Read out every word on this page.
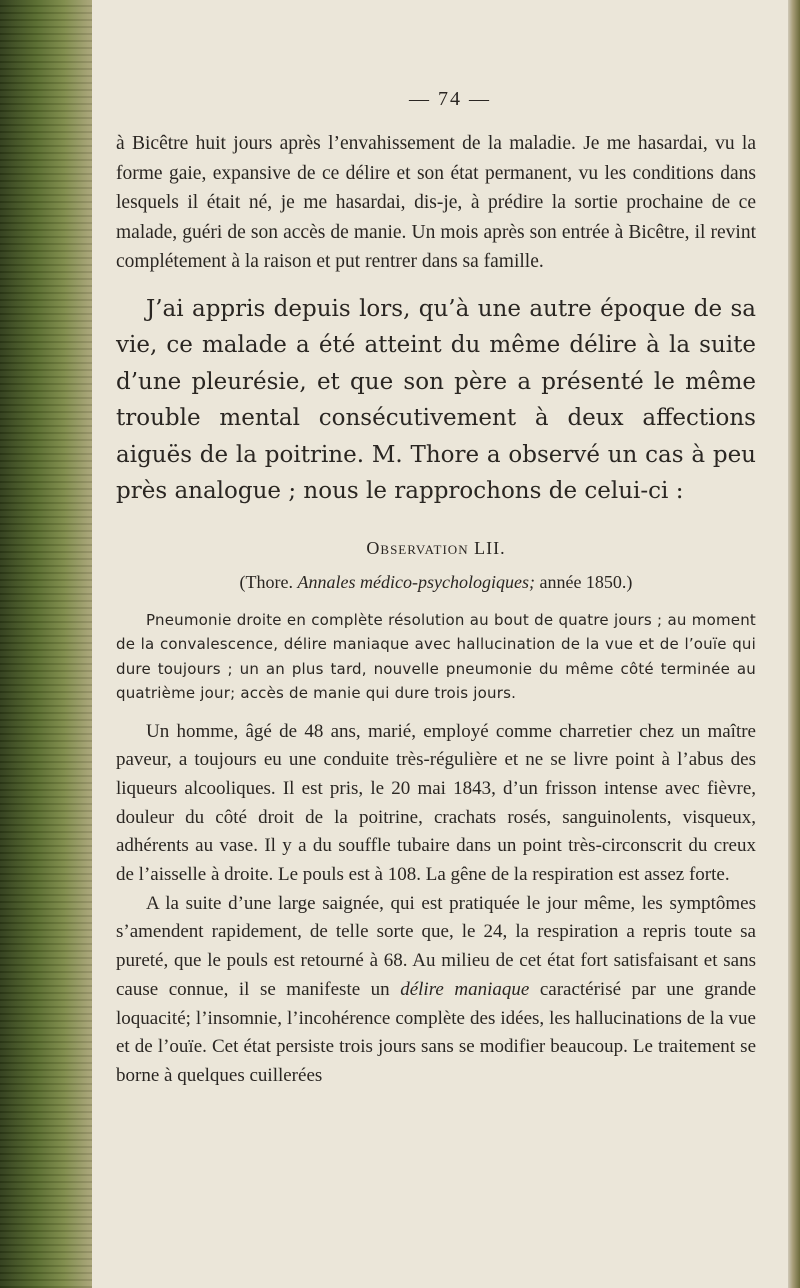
— 74 —

à Bicêtre huit jours après l’envahissement de la maladie. Je me hasardai, vu la forme gaie, expansive de ce délire et son état permanent, vu les conditions dans lesquels il était né, je me hasardai, dis-je, à prédire la sortie prochaine de ce malade, guéri de son accès de manie. Un mois après son entrée à Bicêtre, il revint complétement à la raison et put rentrer dans sa famille.

J’ai appris depuis lors, qu’à une autre époque de sa vie, ce malade a été atteint du même délire à la suite d’une pleurésie, et que son père a présenté le même trouble mental consécutivement à deux affections aiguës de la poitrine. M. Thore a observé un cas à peu près analogue ; nous le rapprochons de celui-ci :

Observation LII.
(Thore. Annales médico-psychologiques; année 1850.)

Pneumonie droite en complète résolution au bout de quatre jours ; au moment de la convalescence, délire maniaque avec hallucination de la vue et de l’ouïe qui dure toujours ; un an plus tard, nouvelle pneumonie du même côté terminée au quatrième jour; accès de manie qui dure trois jours.

Un homme, âgé de 48 ans, marié, employé comme charretier chez un maître paveur, a toujours eu une conduite très-régulière et ne se livre point à l’abus des liqueurs alcooliques. Il est pris, le 20 mai 1843, d’un frisson intense avec fièvre, douleur du côté droit de la poitrine, crachats rosés, sanguinolents, visqueux, adhérents au vase. Il y a du souffle tubaire dans un point très-circonscrit du creux de l’aisselle à droite. Le pouls est à 108. La gêne de la respiration est assez forte.

A la suite d’une large saignée, qui est pratiquée le jour même, les symptômes s’amendent rapidement, de telle sorte que, le 24, la respiration a repris toute sa pureté, que le pouls est retourné à 68. Au milieu de cet état fort satisfaisant et sans cause connue, il se manifeste un délire maniaque caractérisé par une grande loquacité; l’insomnie, l’incohérence complète des idées, les hallucinations de la vue et de l’ouïe. Cet état persiste trois jours sans se modifier beaucoup. Le traitement se borne à quelques cuillerées
